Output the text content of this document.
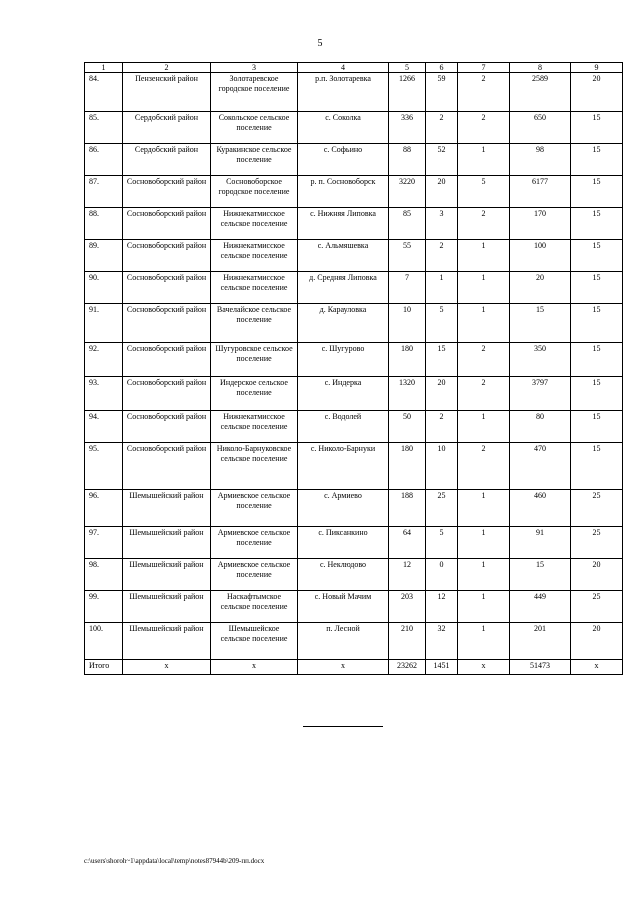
5
1	2	3	4	5	6	7	8	9
84.	Пензенский район	Золотаревское городское поселение	р.п. Золотаревка	1266	59	2	2589	20
85.	Сердобский район	Сокольское сельское поселение	с. Соколка	336	2	2	650	15
86.	Сердобский район	Куракинское сельское поселение	с. Софьино	88	52	1	98	15
87.	Сосновоборский район	Сосновоборское городское поселение	р. п. Сосновоборск	3220	20	5	6177	15
88.	Сосновоборский район	Нижнекатмисское сельское поселение	с. Нижняя Липовка	85	3	2	170	15
89.	Сосновоборский район	Нижнекатмисское сельское поселение	с. Альмяшевка	55	2	1	100	15
90.	Сосновоборский район	Нижнекатмисское сельское поселение	д. Средняя Липовка	7	1	1	20	15
91.	Сосновоборский район	Вачелайское сельское поселение	д. Карауловка	10	5	1	15	15
92.	Сосновоборский район	Шугуровское сельское поселение	с. Шугурово	180	15	2	350	15
93.	Сосновоборский район	Индерское сельское поселение	с. Индерка	1320	20	2	3797	15
94.	Сосновоборский район	Нижнекатмисское сельское поселение	с. Водолей	50	2	1	80	15
95.	Сосновоборский район	Николо-Барнуковское сельское поселение	с. Николо-Барнуки	180	10	2	470	15
96.	Шемышейский район	Армиевское сельское поселение	с. Армиево	188	25	1	460	25
97.	Шемышейский район	Армиевское сельское поселение	с. Пиксанкино	64	5	1	91	25
98.	Шемышейский район	Армиевское сельское поселение	с. Неклюдово	12	0	1	15	20
99.	Шемышейский район	Наскафтымское сельское поселение	с. Новый Мачим	203	12	1	449	25
100.	Шемышейский район	Шемышейское сельское поселение	п. Лесной	210	32	1	201	20
Итого	х	х	х	23262	1451	х	51473	х
c:\users\shoroh~1\appdata\local\temp\notes87944b\209-пп.docx
